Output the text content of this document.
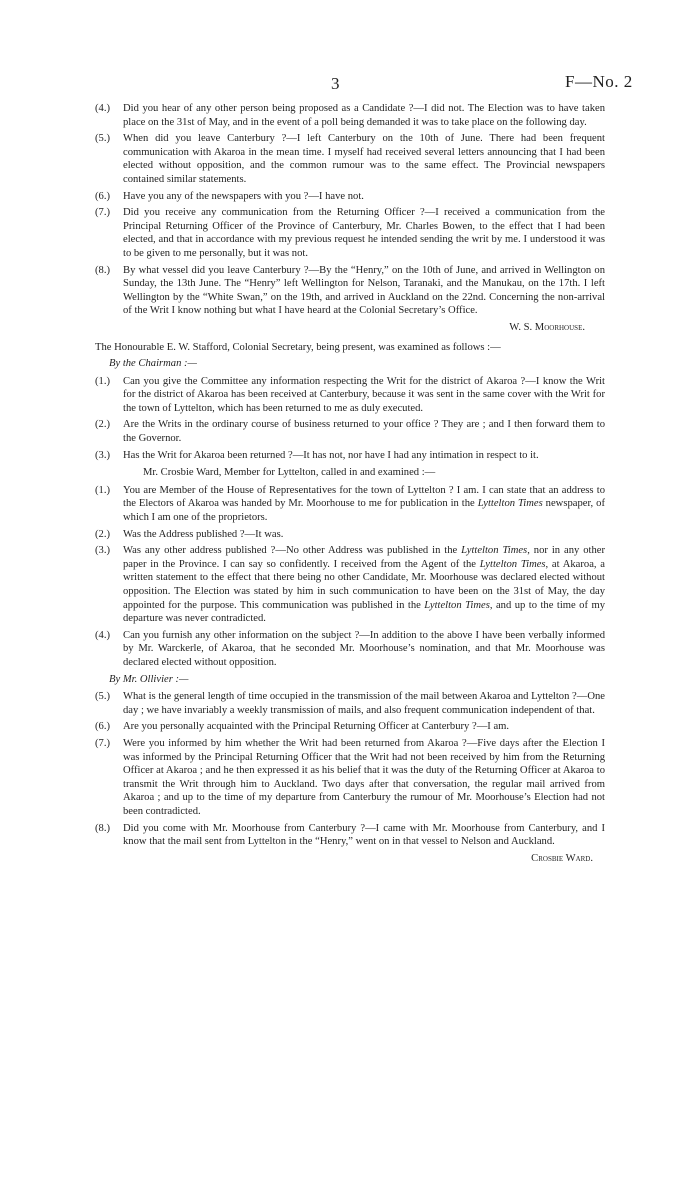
3	F—No. 2
(4.) Did you hear of any other person being proposed as a Candidate ?—I did not. The Election was to have taken place on the 31st of May, and in the event of a poll being demanded it was to take place on the following day.
(5.) When did you leave Canterbury ?—I left Canterbury on the 10th of June. There had been frequent communication with Akaroa in the mean time. I myself had received several letters announcing that I had been elected without opposition, and the common rumour was to the same effect. The Provincial newspapers contained similar statements.
(6.) Have you any of the newspapers with you ?—I have not.
(7.) Did you receive any communication from the Returning Officer ?—I received a communication from the Principal Returning Officer of the Province of Canterbury, Mr. Charles Bowen, to the effect that I had been elected, and that in accordance with my previous request he intended sending the writ by me. I understood it was to be given to me personally, but it was not.
(8.) By what vessel did you leave Canterbury ?—By the “Henry,” on the 10th of June, and arrived in Wellington on Sunday, the 13th June. The “Henry” left Wellington for Nelson, Taranaki, and the Manukau, on the 17th. I left Wellington by the “White Swan,” on the 19th, and arrived in Auckland on the 22nd. Concerning the non-arrival of the Writ I know nothing but what I have heard at the Colonial Secretary’s Office.
W. S. Moorhouse.
The Honourable E. W. Stafford, Colonial Secretary, being present, was examined as follows :—
By the Chairman :—
(1.) Can you give the Committee any information respecting the Writ for the district of Akaroa ?—I know the Writ for the district of Akaroa has been received at Canterbury, because it was sent in the same cover with the Writ for the town of Lyttelton, which has been returned to me as duly executed.
(2.) Are the Writs in the ordinary course of business returned to your office ? They are ; and I then forward them to the Governor.
(3.) Has the Writ for Akaroa been returned ?—It has not, nor have I had any intimation in respect to it.
Mr. Crosbie Ward, Member for Lyttelton, called in and examined :—
(1.) You are Member of the House of Representatives for the town of Lyttelton ? I am. I can state that an address to the Electors of Akaroa was handed by Mr. Moorhouse to me for publication in the Lyttelton Times newspaper, of which I am one of the proprietors.
(2.) Was the Address published ?—It was.
(3.) Was any other address published ?—No other Address was published in the Lyttelton Times, nor in any other paper in the Province. I can say so confidently. I received from the Agent of the Lyttelton Times, at Akaroa, a written statement to the effect that there being no other Candidate, Mr. Moorhouse was declared elected without opposition. The Election was stated by him in such communication to have been on the 31st of May, the day appointed for the purpose. This communication was published in the Lyttelton Times, and up to the time of my departure was never contradicted.
(4.) Can you furnish any other information on the subject ?—In addition to the above I have been verbally informed by Mr. Warckerle, of Akaroa, that he seconded Mr. Moorhouse’s nomination, and that Mr. Moorhouse was declared elected without opposition.
By Mr. Ollivier :—
(5.) What is the general length of time occupied in the transmission of the mail between Akaroa and Lyttelton ?—One day ; we have invariably a weekly transmission of mails, and also frequent communication independent of that.
(6.) Are you personally acquainted with the Principal Returning Officer at Canterbury ?—I am.
(7.) Were you informed by him whether the Writ had been returned from Akaroa ?—Five days after the Election I was informed by the Principal Returning Officer that the Writ had not been received by him from the Returning Officer at Akaroa ; and he then expressed it as his belief that it was the duty of the Returning Officer at Akaroa to transmit the Writ through him to Auckland. Two days after that conversation, the regular mail arrived from Akaroa ; and up to the time of my departure from Canterbury the rumour of Mr. Moorhouse’s Election had not been contradicted.
(8.) Did you come with Mr. Moorhouse from Canterbury ?—I came with Mr. Moorhouse from Canterbury, and I know that the mail sent from Lyttelton in the “Henry,” went on in that vessel to Nelson and Auckland.
Crosbie Ward.
